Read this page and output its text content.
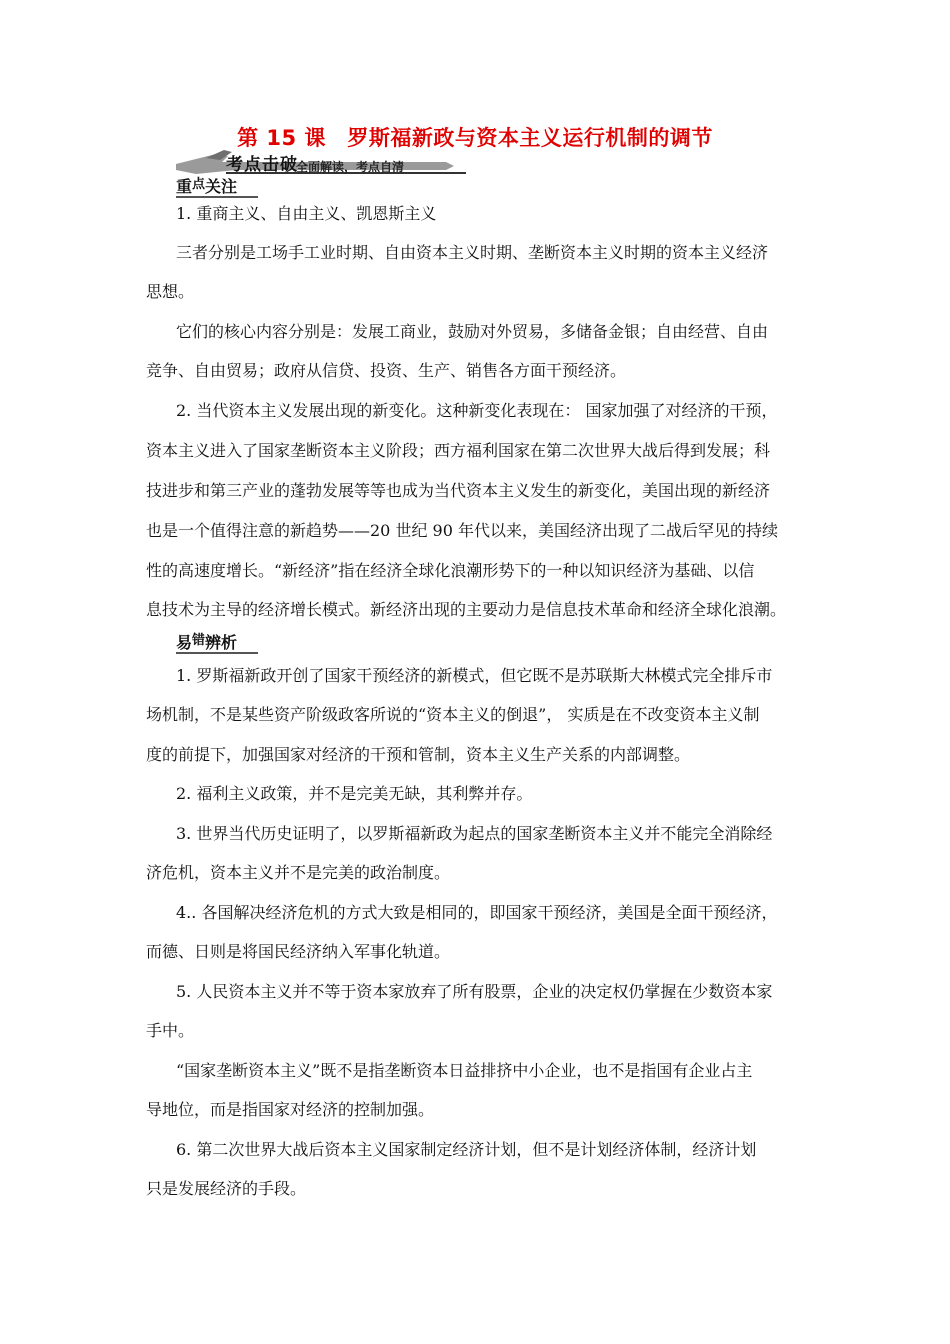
第 15 课　罗斯福新政与资本主义运行机制的调节
考点击破
全面解读，考点自清
重$^点$关注
易$^错$辨析
1. 重商主义、自由主义、凯恩斯主义
三者分别是工场手工业时期、自由资本主义时期、垄断资本主义时期的资本主义经济
思想。
它们的核心内容分别是：发展工商业，鼓励对外贸易，多储备金银；自由经营、自由
竞争、自由贸易；政府从信贷、投资、生产、销售各方面干预经济。
2. 当代资本主义发展出现的新变化。这种新变化表现在： 国家加强了对经济的干预，
资本主义进入了国家垄断资本主义阶段；西方福利国家在第二次世界大战后得到发展；科
技进步和第三产业的蓬勃发展等等也成为当代资本主义发生的新变化，美国出现的新经济
也是一个值得注意的新趋势——20 世纪 90 年代以来，美国经济出现了二战后罕见的持续
性的高速度增长。“新经济”指在经济全球化浪潮形势下的一种以知识经济为基础、以信
息技术为主导的经济增长模式。新经济出现的主要动力是信息技术革命和经济全球化浪潮。
1. 罗斯福新政开创了国家干预经济的新模式，但它既不是苏联斯大林模式完全排斥市
场机制，不是某些资产阶级政客所说的“资本主义的倒退”， 实质是在不改变资本主义制
度的前提下，加强国家对经济的干预和管制，资本主义生产关系的内部调整。
2. 福利主义政策，并不是完美无缺，其利弊并存。
3. 世界当代历史证明了，以罗斯福新政为起点的国家垄断资本主义并不能完全消除经
济危机，资本主义并不是完美的政治制度。
4.. 各国解决经济危机的方式大致是相同的，即国家干预经济，美国是全面干预经济，
而德、日则是将国民经济纳入军事化轨道。
5. 人民资本主义并不等于资本家放弃了所有股票，企业的决定权仍掌握在少数资本家
手中。
“国家垄断资本主义”既不是指垄断资本日益排挤中小企业，也不是指国有企业占主
导地位，而是指国家对经济的控制加强。
6. 第二次世界大战后资本主义国家制定经济计划，但不是计划经济体制，经济计划
只是发展经济的手段。
